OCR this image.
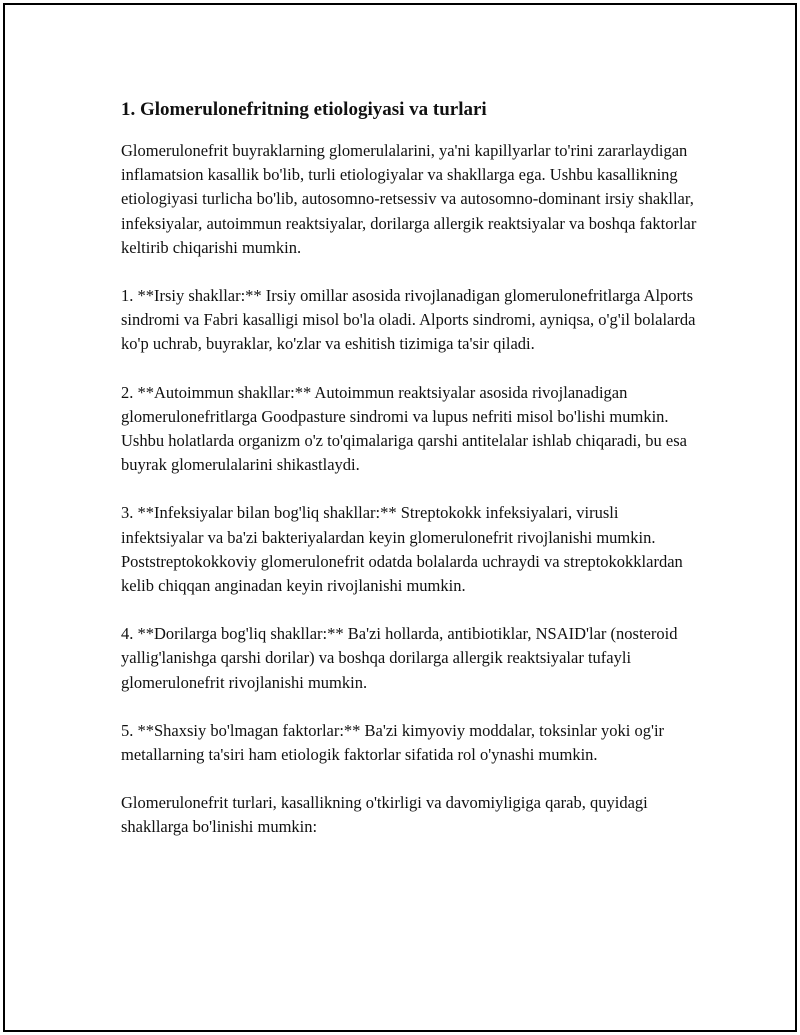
1. Glomerulonefritning etiologiyasi va turlari

Glomerulonefrit buyraklarning glomerulalarini, ya'ni kapillyarlar to'rini zararlaydigan inflamatsion kasallik bo'lib, turli etiologiyalar va shakllarga ega. Ushbu kasallikning etiologiyasi turlicha bo'lib, autosomno-retsessiv va autosomno-dominant irsiy shakllar, infeksiyalar, autoimmun reaktsiyalar, dorilarga allergik reaktsiyalar va boshqa faktorlar keltirib chiqarishi mumkin.

1. **Irsiy shakllar:** Irsiy omillar asosida rivojlanadigan glomerulonefritlarga Alports sindromi va Fabri kasalligi misol bo'la oladi. Alports sindromi, ayniqsa, o'g'il bolalarda ko'p uchrab, buyraklar, ko'zlar va eshitish tizimiga ta'sir qiladi.

2. **Autoimmun shakllar:** Autoimmun reaktsiyalar asosida rivojlanadigan glomerulonefritlarga Goodpasture sindromi va lupus nefriti misol bo'lishi mumkin. Ushbu holatlarda organizm o'z to'qimalariga qarshi antitelalar ishlab chiqaradi, bu esa buyrak glomerulalarini shikastlaydi.

3. **Infeksiyalar bilan bog'liq shakllar:** Streptokokk infeksiyalari, virusli infektsiyalar va ba'zi bakteriyalardan keyin glomerulonefrit rivojlanishi mumkin. Poststreptokokkoviy glomerulonefrit odatda bolalarda uchraydi va streptokokklardan kelib chiqqan anginadan keyin rivojlanishi mumkin.

4. **Dorilarga bog'liq shakllar:** Ba'zi hollarda, antibiotiklar, NSAID'lar (nosteroid yallig'lanishga qarshi dorilar) va boshqa dorilarga allergik reaktsiyalar tufayli glomerulonefrit rivojlanishi mumkin.

5. **Shaxsiy bo'lmagan faktorlar:** Ba'zi kimyoviy moddalar, toksinlar yoki og'ir metallarning ta'siri ham etiologik faktorlar sifatida rol o'ynashi mumkin.

Glomerulonefrit turlari, kasallikning o'tkirligi va davomiyligiga qarab, quyidagi shakllarga bo'linishi mumkin:
